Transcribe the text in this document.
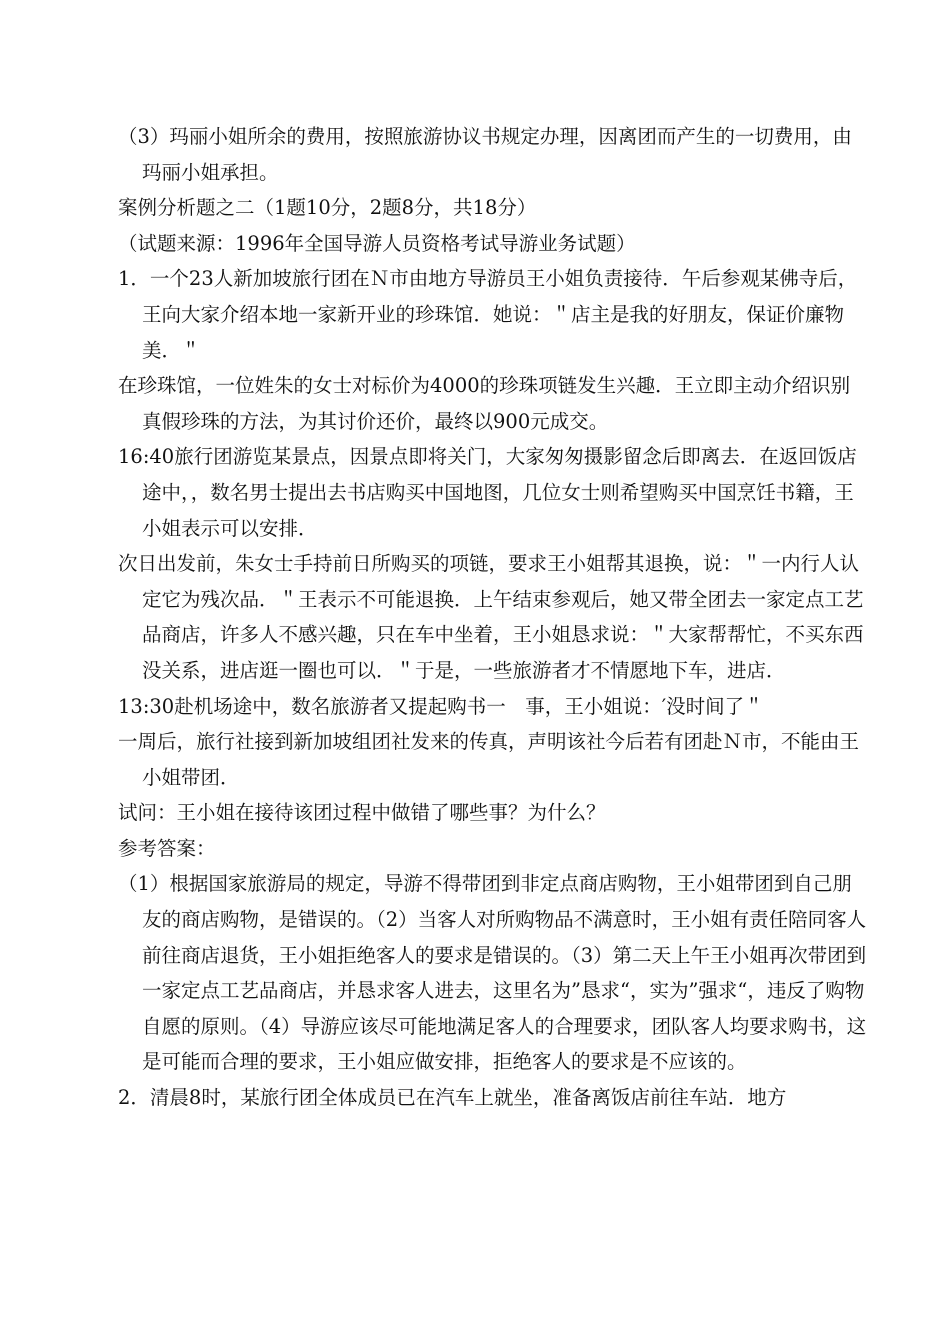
（3）玛丽小姐所余的费用，按照旅游协议书规定办理，因离团而产生的一切费用，由玛丽小姐承担。

案例分析题之二（1题10分，2题8分，共18分）

（试题来源：1996年全国导游人员资格考试导游业务试题）

1．一个23人新加坡旅行团在Ｎ市由地方导游员王小姐负责接待．午后参观某佛寺后，王向大家介绍本地一家新开业的珍珠馆．她说：＂店主是我的好朋友，保证价廉物美．＂

在珍珠馆，一位姓朱的女士对标价为4000的珍珠项链发生兴趣．王立即主动介绍识别真假珍珠的方法，为其讨价还价，最终以900元成交。

16:40旅行团游览某景点，因景点即将关门，大家匆匆摄影留念后即离去．在返回饭店途中，，数名男士提出去书店购买中国地图，几位女士则希望购买中国烹饪书籍，王小姐表示可以安排．

次日出发前，朱女士手持前日所购买的项链，要求王小姐帮其退换，说：＂一内行人认定它为残次品．＂王表示不可能退换．上午结束参观后，她又带全团去一家定点工艺品商店，许多人不感兴趣，只在车中坐着，王小姐恳求说：＂大家帮帮忙，不买东西没关系，进店逛一圈也可以．＂于是，一些旅游者才不情愿地下车，进店．

13:30赴机场途中，数名旅游者又提起购书一　事，王小姐说：′没时间了＂

一周后，旅行社接到新加坡组团社发来的传真，声明该社今后若有团赴Ｎ市，不能由王小姐带团．

试问：王小姐在接待该团过程中做错了哪些事？为什么？

参考答案：

（1）根据国家旅游局的规定，导游不得带团到非定点商店购物，王小姐带团到自己朋友的商店购物，是错误的。（2）当客人对所购物品不满意时，王小姐有责任陪同客人前往商店退货，王小姐拒绝客人的要求是错误的。（3）第二天上午王小姐再次带团到一家定点工艺品商店，并恳求客人进去，这里名为”恳求“，实为”强求“，违反了购物自愿的原则。（4）导游应该尽可能地满足客人的合理要求，团队客人均要求购书，这是可能而合理的要求，王小姐应做安排，拒绝客人的要求是不应该的。

2．清晨8时，某旅行团全体成员已在汽车上就坐，准备离饭店前往车站．地方
